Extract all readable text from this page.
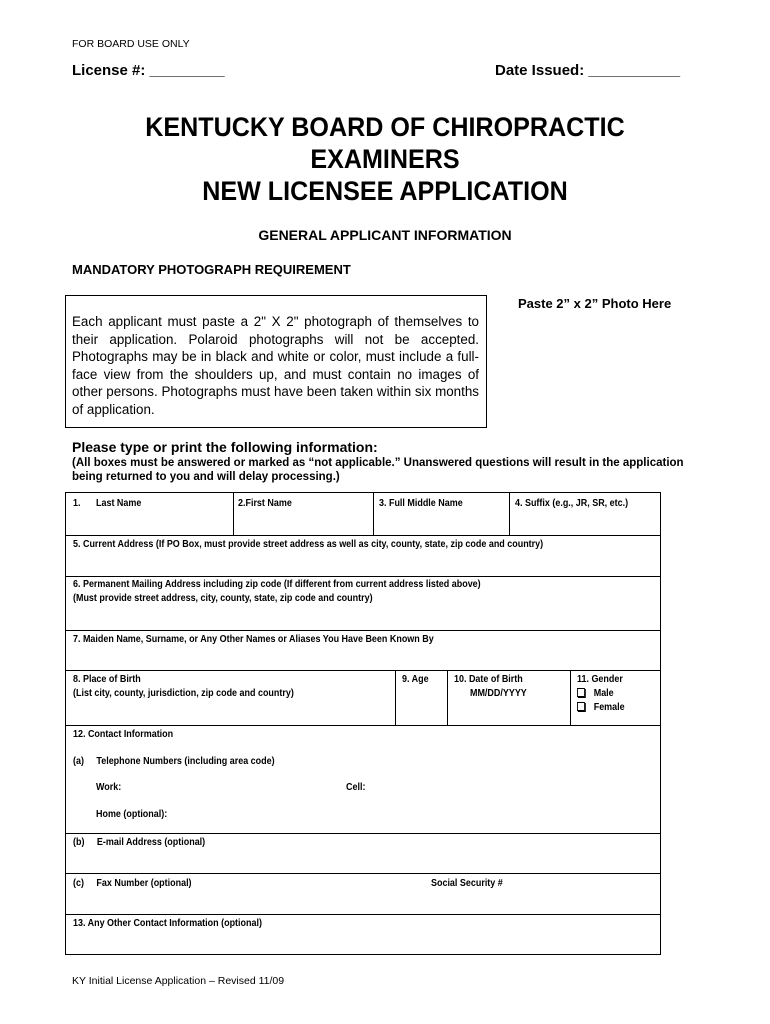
FOR BOARD USE ONLY
License #: _________	Date Issued: ___________
KENTUCKY BOARD OF CHIROPRACTIC
EXAMINERS
NEW LICENSEE APPLICATION
GENERAL APPLICANT INFORMATION
MANDATORY PHOTOGRAPH REQUIREMENT
Each applicant must paste a 2" X 2" photograph of themselves to their application. Polaroid photographs will not be accepted. Photographs may be in black and white or color, must include a full-face view from the shoulders up, and must contain no images of other persons. Photographs must have been taken within six months of application.
Paste 2” x 2” Photo Here
Please type or print the following information:
(All boxes must be answered or marked as “not applicable.” Unanswered questions will result in the application being returned to you and will delay processing.)
1. Last Name	2.First Name	3. Full Middle Name	4. Suffix (e.g., JR, SR, etc.)
5. Current Address (If PO Box, must provide street address as well as city, county, state, zip code and country)
6. Permanent Mailing Address including zip code (If different from current address listed above)
(Must provide street address, city, county, state, zip code and country)
7. Maiden Name, Surname, or Any Other Names or Aliases You Have Been Known By
8. Place of Birth
(List city, county, jurisdiction, zip code and country)
9. Age 10. Date of Birth
MM/DD/YYYY
11. Gender
Male
Female
12. Contact Information
(a)     Telephone Numbers (including area code)
Work:	Cell:
Home (optional):
(b)     E-mail Address (optional)
(c)     Fax Number (optional)	Social Security #
13. Any Other Contact Information (optional)
KY Initial License Application – Revised 11/09
